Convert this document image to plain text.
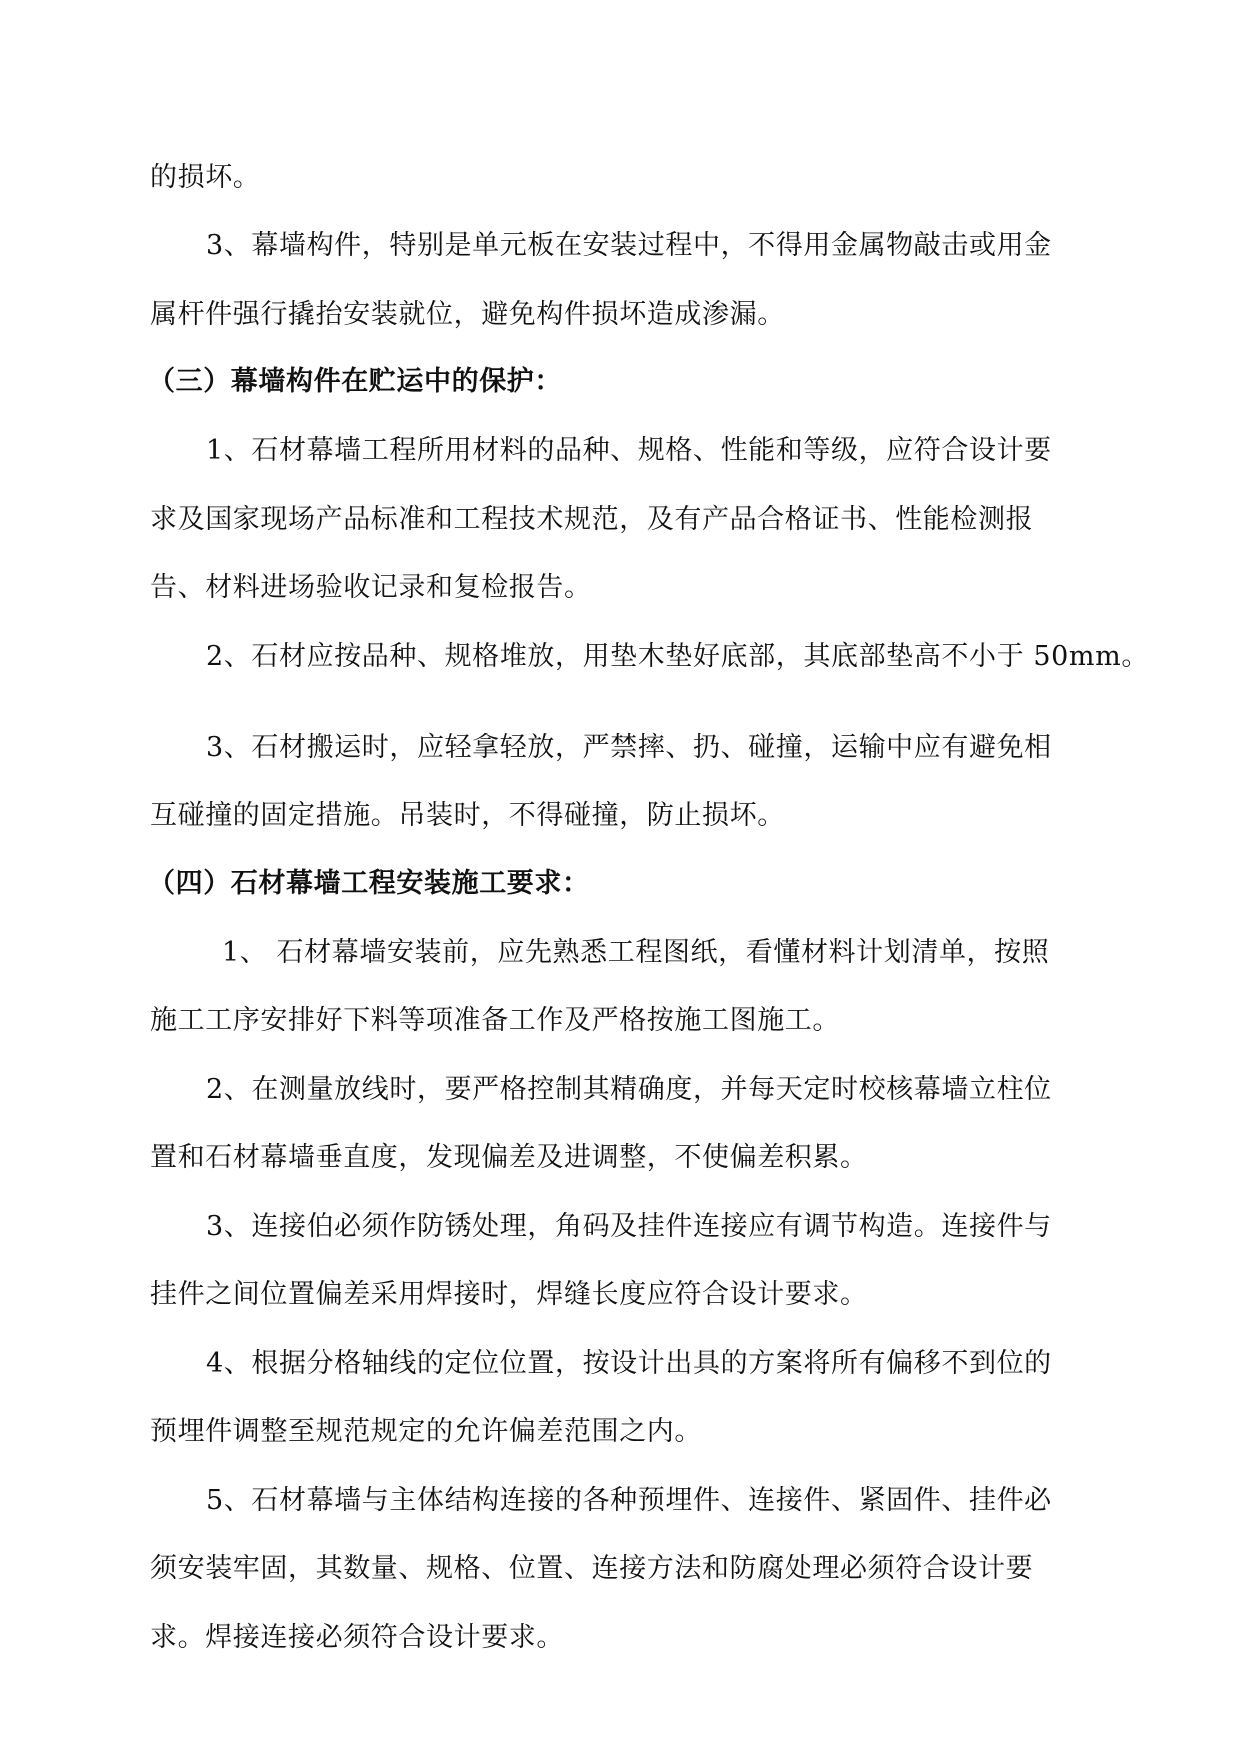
的损坏。
3、幕墙构件，特别是单元板在安装过程中，不得用金属物敲击或用金
属杆件强行撬抬安装就位，避免构件损坏造成渗漏。
（三）幕墙构件在贮运中的保护：
1、石材幕墙工程所用材料的品种、规格、性能和等级，应符合设计要
求及国家现场产品标准和工程技术规范，及有产品合格证书、性能检测报
告、材料进场验收记录和复检报告。
2、石材应按品种、规格堆放，用垫木垫好底部，其底部垫高不小于 50mm。
3、石材搬运时，应轻拿轻放，严禁摔、扔、碰撞，运输中应有避免相
互碰撞的固定措施。吊装时，不得碰撞，防止损坏。
（四）石材幕墙工程安装施工要求：
1、 石材幕墙安装前，应先熟悉工程图纸，看懂材料计划清单，按照
施工工序安排好下料等项准备工作及严格按施工图施工。
2、在测量放线时，要严格控制其精确度，并每天定时校核幕墙立柱位
置和石材幕墙垂直度，发现偏差及进调整，不使偏差积累。
3、连接伯必须作防锈处理，角码及挂件连接应有调节构造。连接件与
挂件之间位置偏差采用焊接时，焊缝长度应符合设计要求。
4、根据分格轴线的定位位置，按设计出具的方案将所有偏移不到位的
预埋件调整至规范规定的允许偏差范围之内。
5、石材幕墙与主体结构连接的各种预埋件、连接件、紧固件、挂件必
须安装牢固，其数量、规格、位置、连接方法和防腐处理必须符合设计要
求。焊接连接必须符合设计要求。
